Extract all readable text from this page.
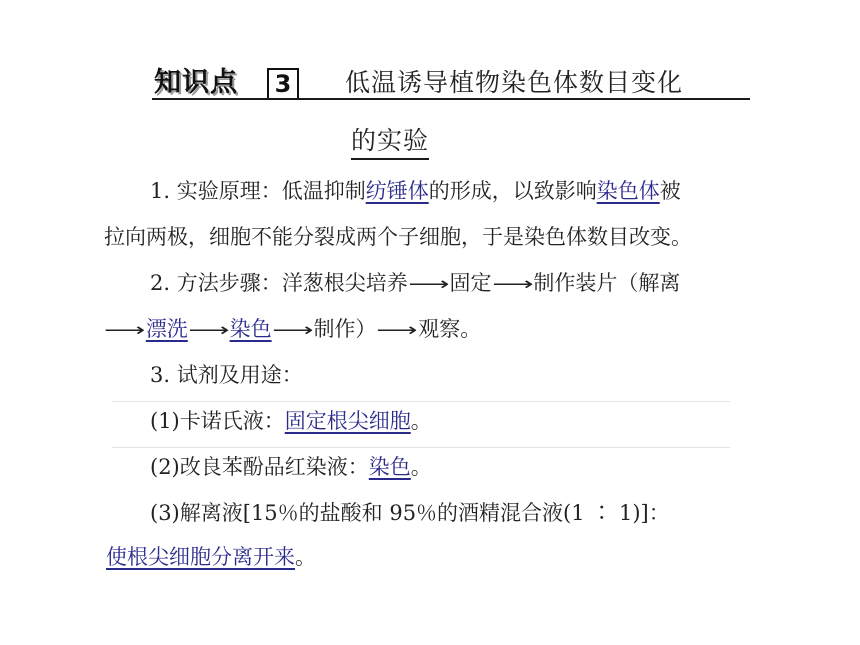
知识点	3	低温诱导植物染色体数目变化
的实验
1. 实验原理：低温抑制纺锤体的形成，以致影响染色体被
拉向两极，细胞不能分裂成两个子细胞，于是染色体数目改变。
2. 方法步骤：洋葱根尖培养⟶固定⟶制作装片（解离
⟶漂洗⟶染色⟶制作）⟶观察。
3. 试剂及用途：
(1)卡诺氏液：固定根尖细胞。
(2)改良苯酚品红染液：染色。
(3)解离液[15％的盐酸和 95％的酒精混合液(1 ∶ 1)]：
使根尖细胞分离开来。
